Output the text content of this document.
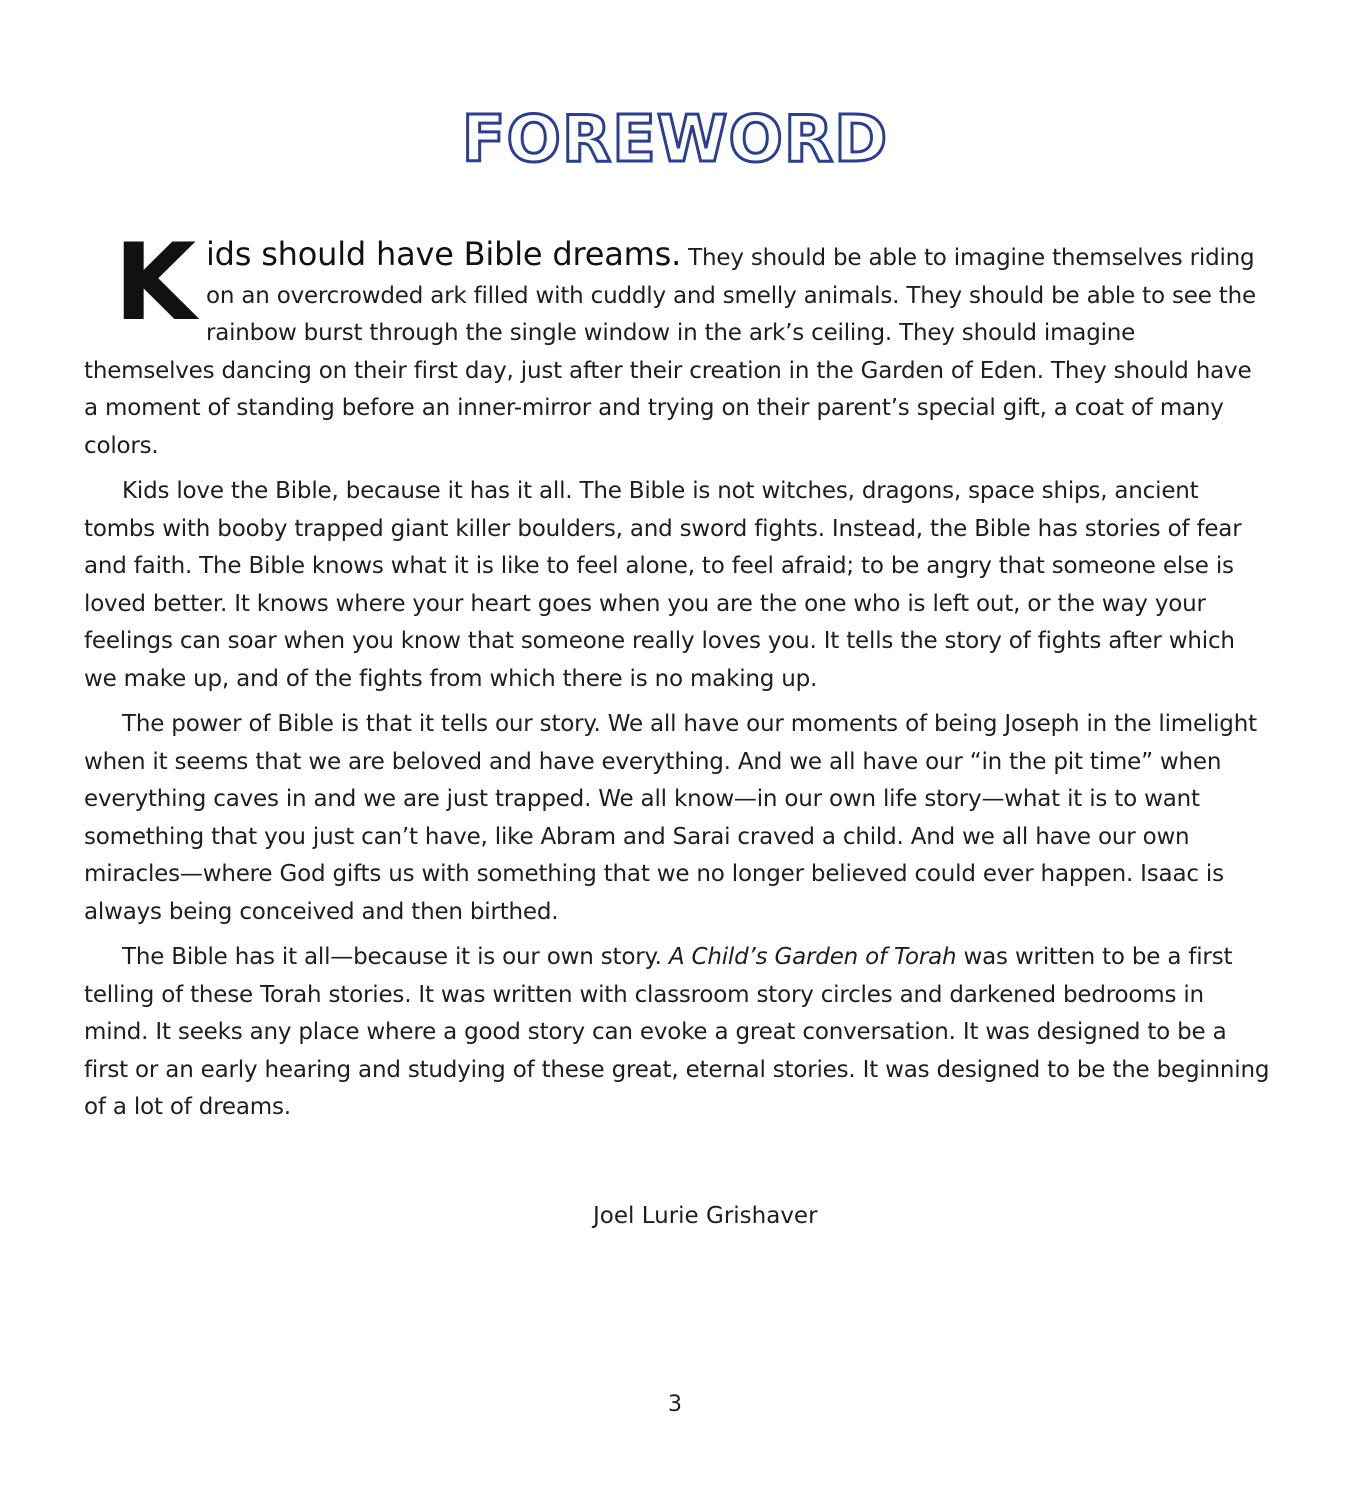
FOREWORD

Kids should have Bible dreams. They should be able to imagine themselves riding on an overcrowded ark filled with cuddly and smelly animals. They should be able to see the rainbow burst through the single window in the ark’s ceiling. They should imagine themselves dancing on their first day, just after their creation in the Garden of Eden. They should have a moment of standing before an inner-mirror and trying on their parent’s special gift, a coat of many colors.

Kids love the Bible, because it has it all. The Bible is not witches, dragons, space ships, ancient tombs with booby trapped giant killer boulders, and sword fights. Instead, the Bible has stories of fear and faith. The Bible knows what it is like to feel alone, to feel afraid; to be angry that someone else is loved better. It knows where your heart goes when you are the one who is left out, or the way your feelings can soar when you know that someone really loves you. It tells the story of fights after which we make up, and of the fights from which there is no making up.

The power of Bible is that it tells our story. We all have our moments of being Joseph in the limelight when it seems that we are beloved and have everything. And we all have our “in the pit time” when everything caves in and we are just trapped. We all know—in our own life story—what it is to want something that you just can’t have, like Abram and Sarai craved a child. And we all have our own miracles—where God gifts us with something that we no longer believed could ever happen. Isaac is always being conceived and then birthed.

The Bible has it all—because it is our own story. A Child’s Garden of Torah was written to be a first telling of these Torah stories. It was written with classroom story circles and darkened bedrooms in mind. It seeks any place where a good story can evoke a great conversation. It was designed to be a first or an early hearing and studying of these great, eternal stories. It was designed to be the beginning of a lot of dreams.

Joel Lurie Grishaver
3
